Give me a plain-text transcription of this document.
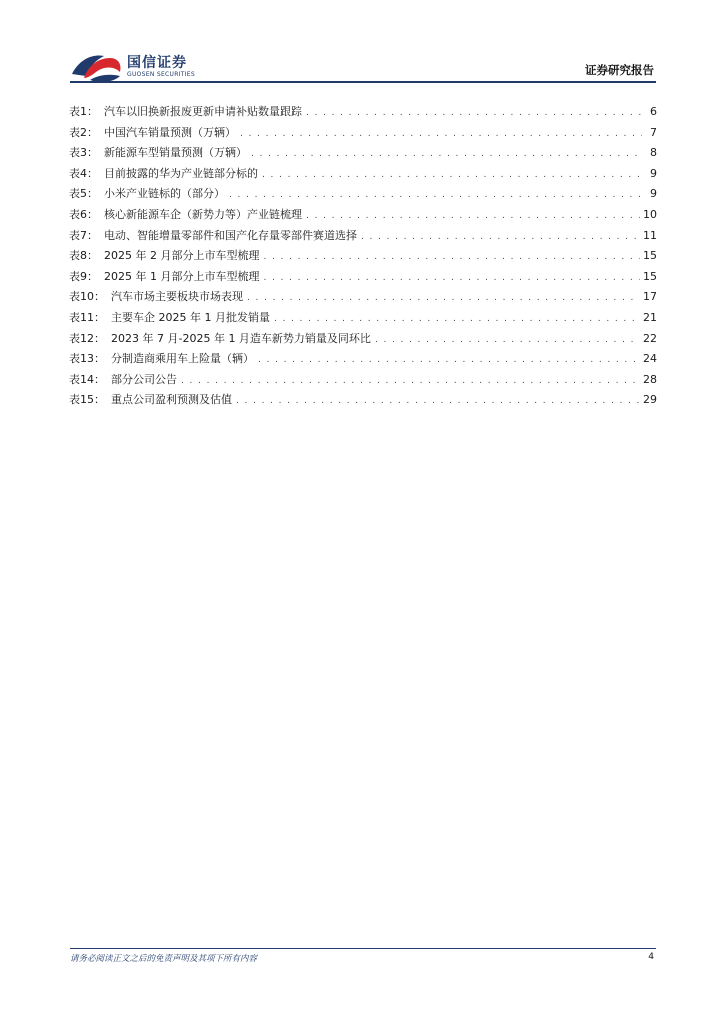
国信证券
GUOSEN SECURITIES	证券研究报告
表1： 汽车以旧换新报废更新申请补贴数量跟踪 . . .	6
表2： 中国汽车销量预测（万辆） . . .	7
表3： 新能源车型销量预测（万辆） . . .	8
表4： 目前披露的华为产业链部分标的 . . .	9
表5： 小米产业链标的（部分） . . .	9
表6： 核心新能源车企（新势力等）产业链梳理 . . .	10
表7： 电动、智能增量零部件和国产化存量零部件赛道选择 . . .	11
表8： 2025 年 2 月部分上市车型梳理 . . .	15
表9： 2025 年 1 月部分上市车型梳理 . . .	15
表10： 汽车市场主要板块市场表现 . . .	17
表11： 主要车企 2025 年 1 月批发销量 . . .	21
表12： 2023 年 7 月-2025 年 1 月造车新势力销量及同环比 . . .	22
表13： 分制造商乘用车上险量（辆） . . .	24
表14： 部分公司公告 . . .	28
表15： 重点公司盈利预测及估值 . . .	29
请务必阅读正文之后的免责声明及其项下所有内容	4
